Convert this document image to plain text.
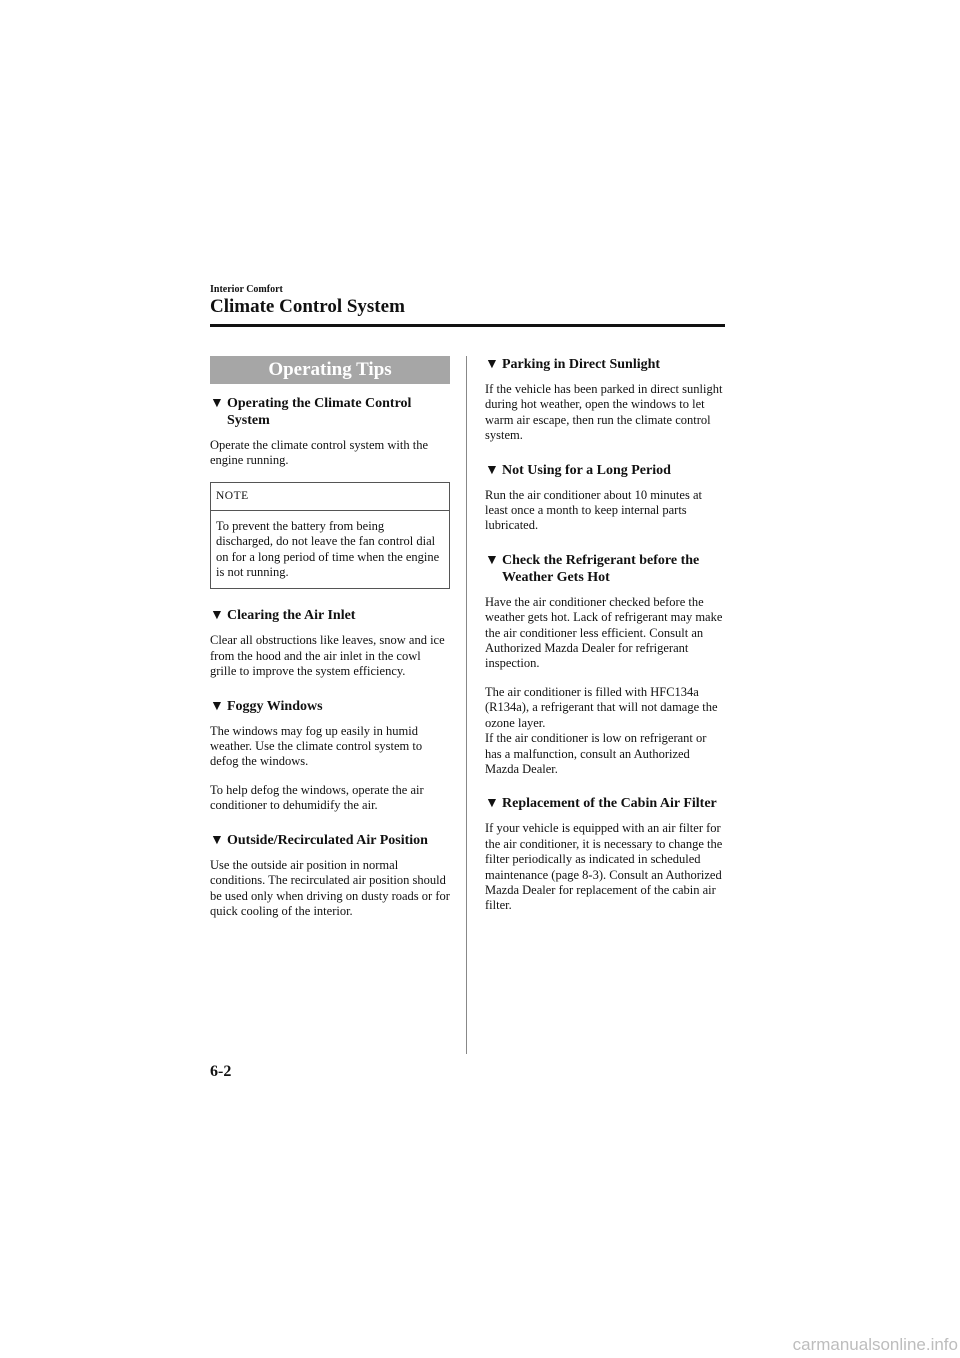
Interior Comfort
Climate Control System
Operating Tips
▼ Operating the Climate Control System

Operate the climate control system with the engine running.

NOTE
To prevent the battery from being discharged, do not leave the fan control dial on for a long period of time when the engine is not running.
▼ Clearing the Air Inlet

Clear all obstructions like leaves, snow and ice from the hood and the air inlet in the cowl grille to improve the system efficiency.

▼ Foggy Windows

The windows may fog up easily in humid weather. Use the climate control system to defog the windows.

To help defog the windows, operate the air conditioner to dehumidify the air.

▼ Outside/Recirculated Air Position

Use the outside air position in normal conditions. The recirculated air position should be used only when driving on dusty roads or for quick cooling of the interior.

▼ Parking in Direct Sunlight

If the vehicle has been parked in direct sunlight during hot weather, open the windows to let warm air escape, then run the climate control system.

▼ Not Using for a Long Period

Run the air conditioner about 10 minutes at least once a month to keep internal parts lubricated.

▼ Check the Refrigerant before the Weather Gets Hot

Have the air conditioner checked before the weather gets hot. Lack of refrigerant may make the air conditioner less efficient. Consult an Authorized Mazda Dealer for refrigerant inspection.

The air conditioner is filled with HFC134a (R134a), a refrigerant that will not damage the ozone layer.
If the air conditioner is low on refrigerant or has a malfunction, consult an Authorized Mazda Dealer.

▼ Replacement of the Cabin Air Filter

If your vehicle is equipped with an air filter for the air conditioner, it is necessary to change the filter periodically as indicated in scheduled maintenance (page 8-3). Consult an Authorized Mazda Dealer for replacement of the cabin air filter.

6-2
carmanualsonline.info
